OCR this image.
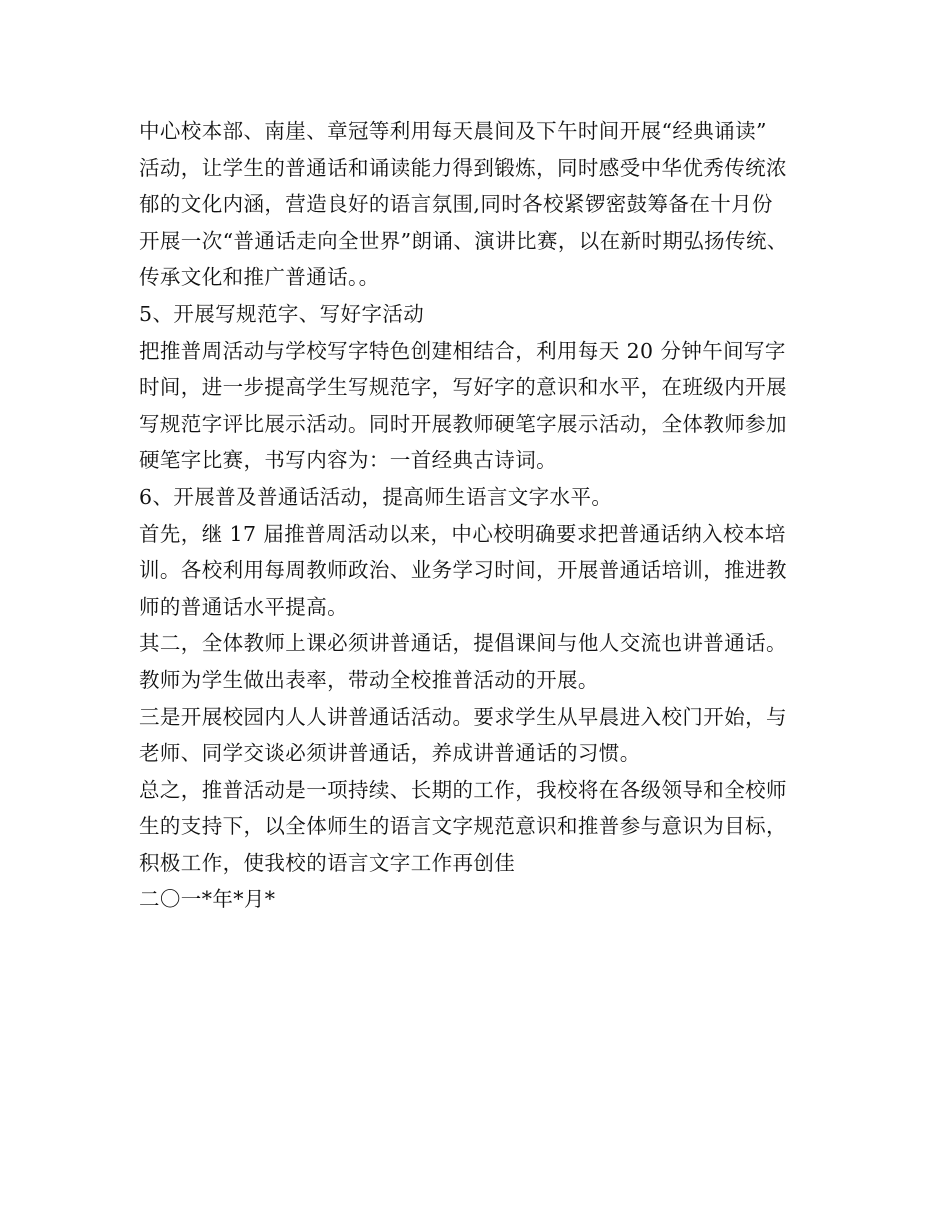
中心校本部、南崖、章冠等利用每天晨间及下午时间开展“经典诵读”
活动，让学生的普通话和诵读能力得到锻炼，同时感受中华优秀传统浓
郁的文化内涵，营造良好的语言氛围,同时各校紧锣密鼓筹备在十月份
开展一次“普通话走向全世界”朗诵、演讲比赛，以在新时期弘扬传统、
传承文化和推广普通话。。
5、开展写规范字、写好字活动
把推普周活动与学校写字特色创建相结合，利用每天 20 分钟午间写字
时间，进一步提高学生写规范字，写好字的意识和水平，在班级内开展
写规范字评比展示活动。同时开展教师硬笔字展示活动，全体教师参加
硬笔字比赛，书写内容为：一首经典古诗词。
6、开展普及普通话活动，提高师生语言文字水平。
首先，继 17 届推普周活动以来，中心校明确要求把普通话纳入校本培
训。各校利用每周教师政治、业务学习时间，开展普通话培训，推进教
师的普通话水平提高。
其二，全体教师上课必须讲普通话，提倡课间与他人交流也讲普通话。
教师为学生做出表率，带动全校推普活动的开展。
三是开展校园内人人讲普通话活动。要求学生从早晨进入校门开始，与
老师、同学交谈必须讲普通话，养成讲普通话的习惯。
总之，推普活动是一项持续、长期的工作，我校将在各级领导和全校师
生的支持下，以全体师生的语言文字规范意识和推普参与意识为目标，
积极工作，使我校的语言文字工作再创佳
二〇一*年*月*
